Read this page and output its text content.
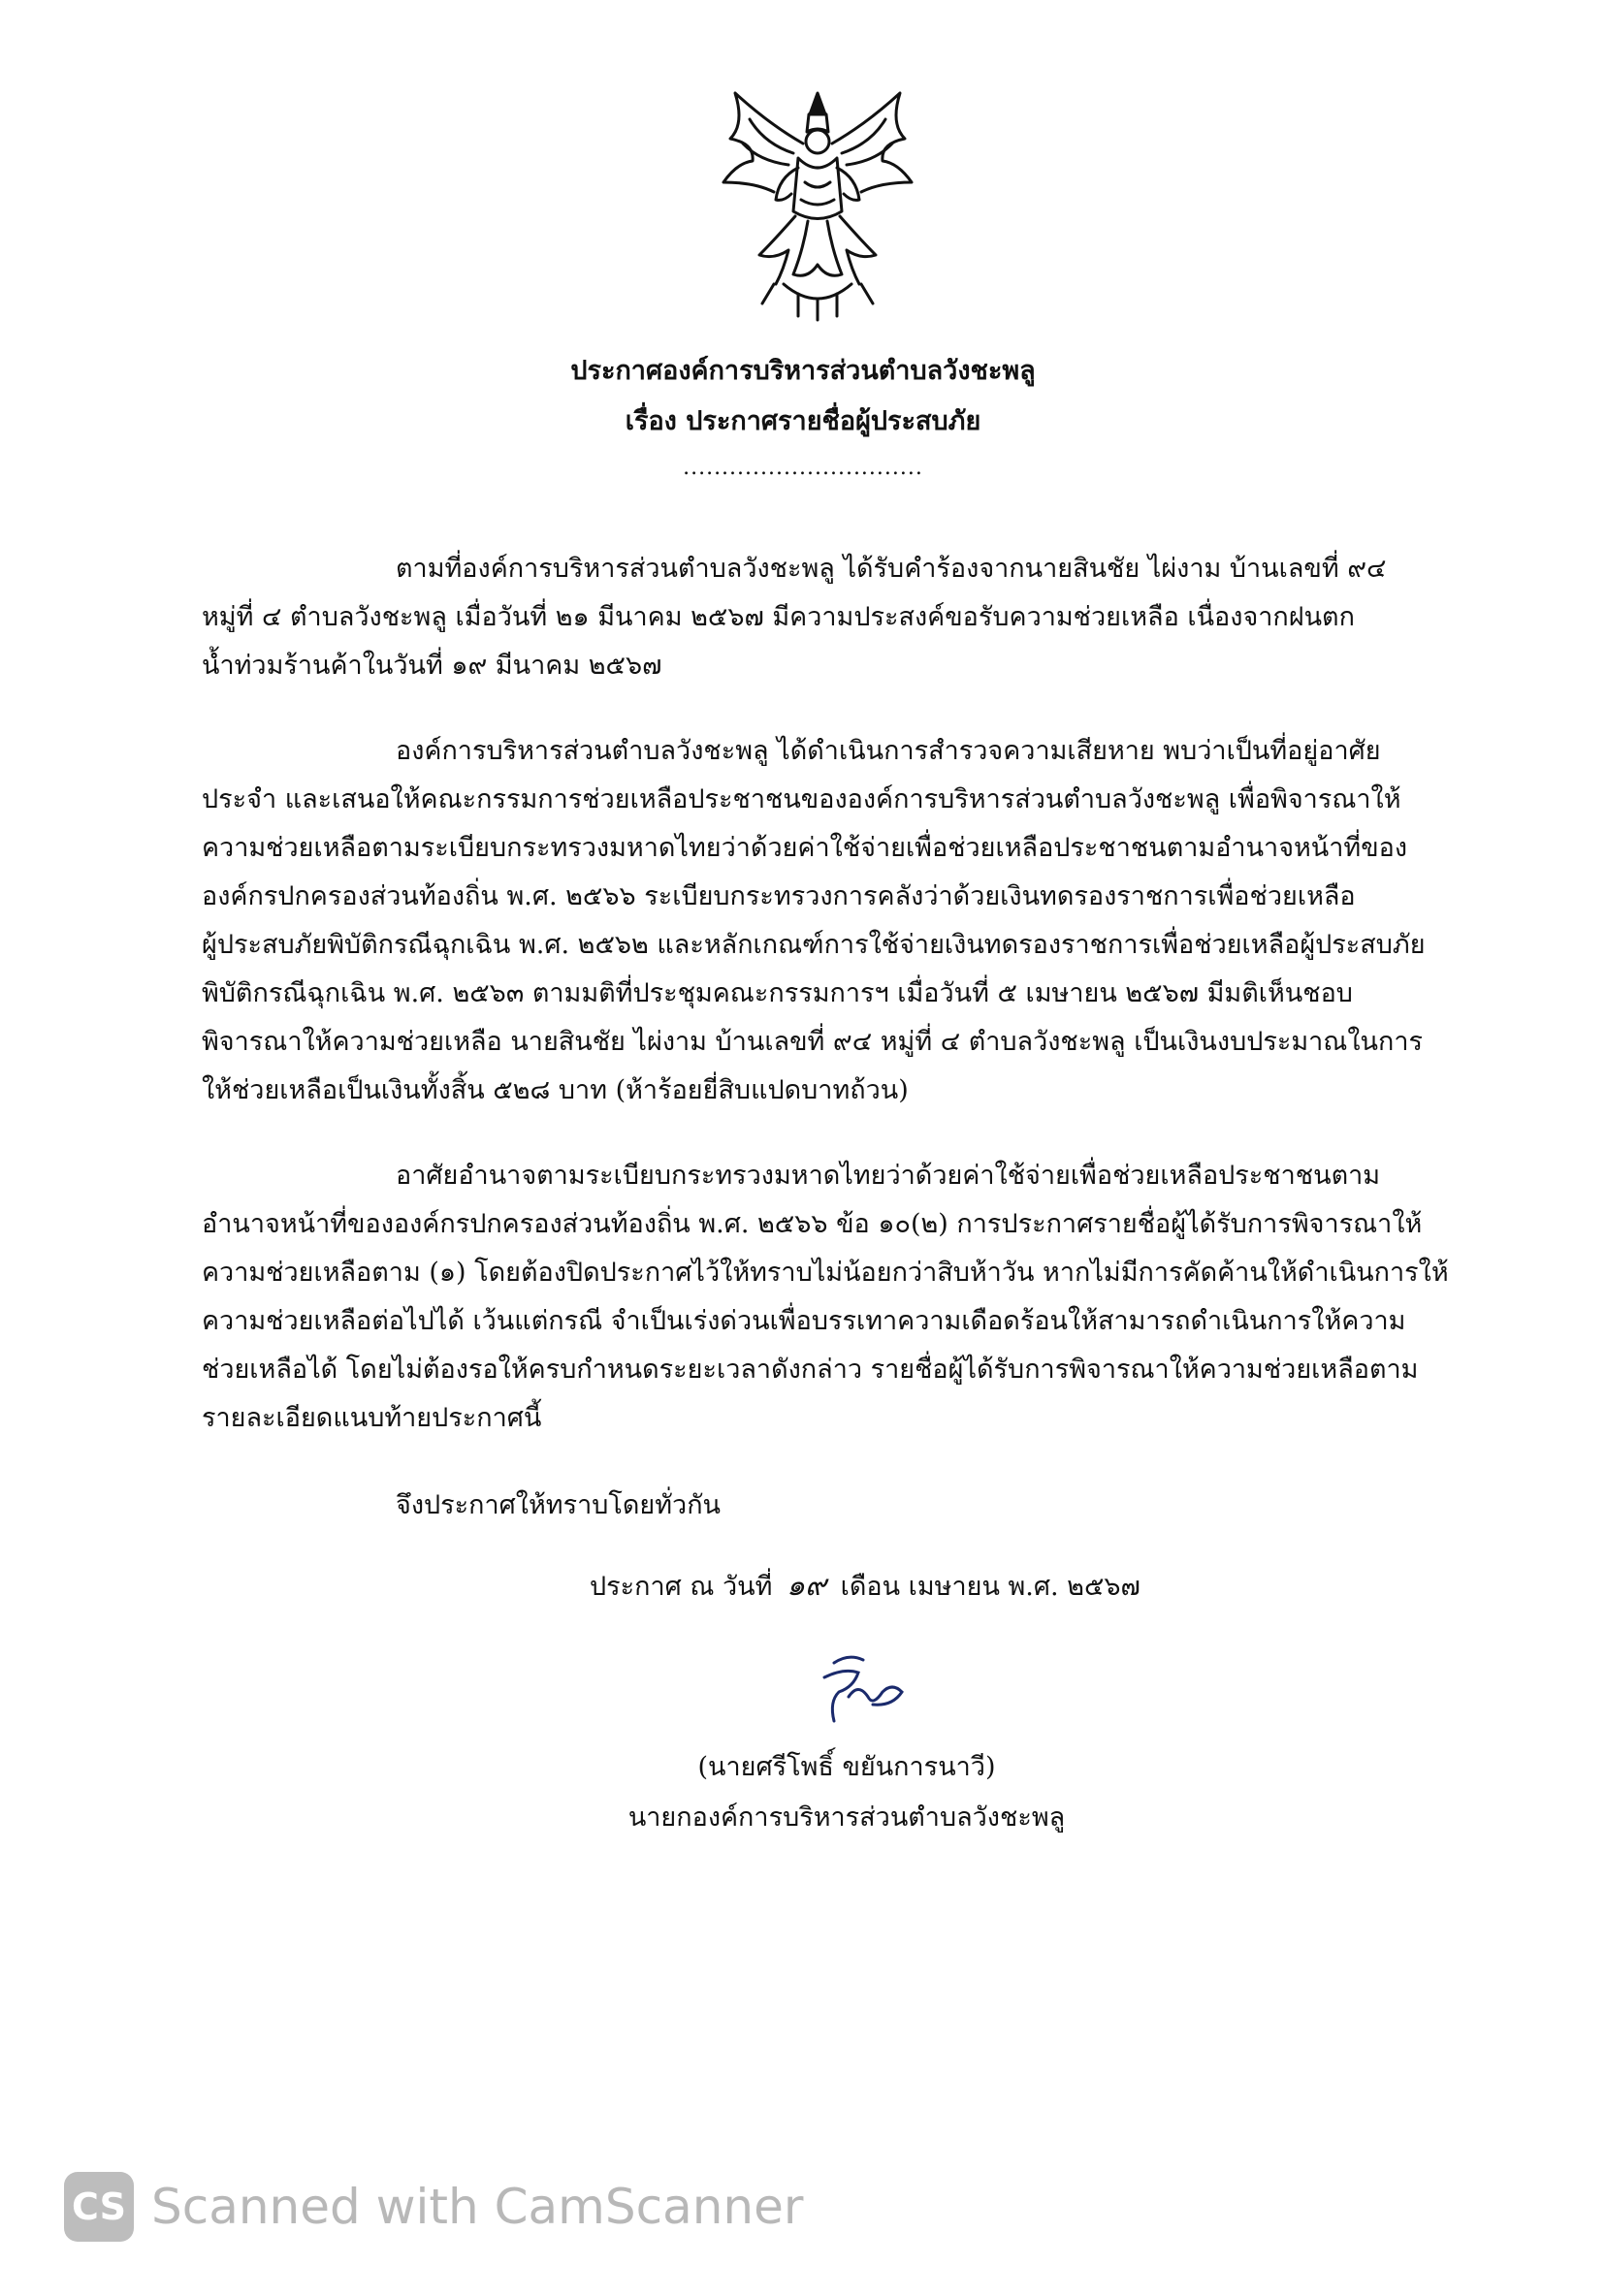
ประกาศองค์การบริหารส่วนตำบลวังชะพลู
เรื่อง ประกาศรายชื่อผู้ประสบภัย
...............................
ตามที่องค์การบริหารส่วนตำบลวังชะพลู ได้รับคำร้องจากนายสินชัย ไผ่งาม บ้านเลขที่ ๙๔
หมู่ที่ ๔ ตำบลวังชะพลู เมื่อวันที่ ๒๑ มีนาคม ๒๕๖๗ มีความประสงค์ขอรับความช่วยเหลือ เนื่องจากฝนตก
น้ำท่วมร้านค้าในวันที่ ๑๙ มีนาคม ๒๕๖๗
องค์การบริหารส่วนตำบลวังชะพลู ได้ดำเนินการสำรวจความเสียหาย พบว่าเป็นที่อยู่อาศัย
ประจำ และเสนอให้คณะกรรมการช่วยเหลือประชาชนขององค์การบริหารส่วนตำบลวังชะพลู เพื่อพิจารณาให้
ความช่วยเหลือตามระเบียบกระทรวงมหาดไทยว่าด้วยค่าใช้จ่ายเพื่อช่วยเหลือประชาชนตามอำนาจหน้าที่ของ
องค์กรปกครองส่วนท้องถิ่น พ.ศ. ๒๕๖๖ ระเบียบกระทรวงการคลังว่าด้วยเงินทดรองราชการเพื่อช่วยเหลือ
ผู้ประสบภัยพิบัติกรณีฉุกเฉิน พ.ศ. ๒๕๖๒ และหลักเกณฑ์การใช้จ่ายเงินทดรองราชการเพื่อช่วยเหลือผู้ประสบภัย
พิบัติกรณีฉุกเฉิน พ.ศ. ๒๕๖๓ ตามมติที่ประชุมคณะกรรมการฯ เมื่อวันที่ ๕ เมษายน ๒๕๖๗ มีมติเห็นชอบ
พิจารณาให้ความช่วยเหลือ นายสินชัย ไผ่งาม บ้านเลขที่ ๙๔ หมู่ที่ ๔ ตำบลวังชะพลู เป็นเงินงบประมาณในการ
ให้ช่วยเหลือเป็นเงินทั้งสิ้น ๕๒๘ บาท (ห้าร้อยยี่สิบแปดบาทถ้วน)
อาศัยอำนาจตามระเบียบกระทรวงมหาดไทยว่าด้วยค่าใช้จ่ายเพื่อช่วยเหลือประชาชนตาม
อำนาจหน้าที่ขององค์กรปกครองส่วนท้องถิ่น พ.ศ. ๒๕๖๖ ข้อ ๑๐(๒) การประกาศรายชื่อผู้ได้รับการพิจารณาให้
ความช่วยเหลือตาม (๑) โดยต้องปิดประกาศไว้ให้ทราบไม่น้อยกว่าสิบห้าวัน หากไม่มีการคัดค้านให้ดำเนินการให้
ความช่วยเหลือต่อไปได้ เว้นแต่กรณี จำเป็นเร่งด่วนเพื่อบรรเทาความเดือดร้อนให้สามารถดำเนินการให้ความ
ช่วยเหลือได้ โดยไม่ต้องรอให้ครบกำหนดระยะเวลาดังกล่าว รายชื่อผู้ได้รับการพิจารณาให้ความช่วยเหลือตาม
รายละเอียดแนบท้ายประกาศนี้
จึงประกาศให้ทราบโดยทั่วกัน
ประกาศ ณ วันที่ ๑๙ เดือน เมษายน พ.ศ. ๒๕๖๗
(นายศรีโพธิ์ ขยันการนาวี)
นายกองค์การบริหารส่วนตำบลวังชะพลู
CS Scanned with CamScanner
